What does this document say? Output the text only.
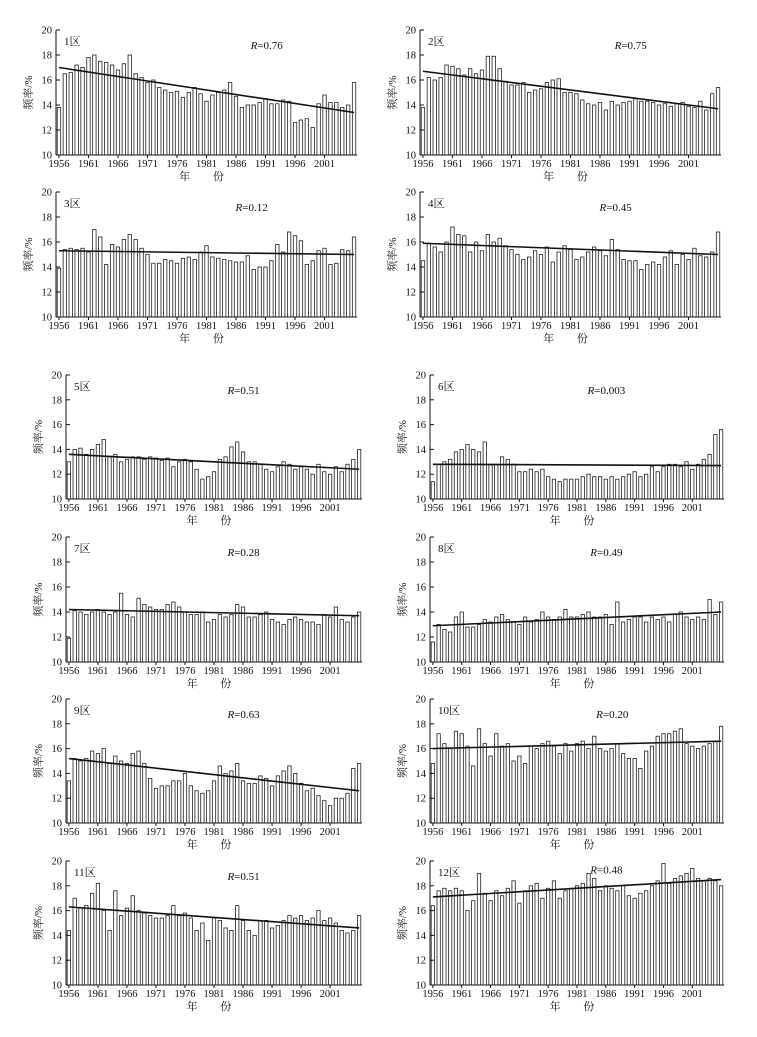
10
12
14
16
18
20
1956 1961 1966 1971 1976 1981 1986 1991 1996 2001
年 份
频率/%
1区	R=0.76
10
12
14
16
18
20
1956 1961 1966 1971 1976 1981 1986 1991 1996 2001
年 份
频率/%
2区	R=0.75
10
12
14
16
18
20
1956 1961 1966 1971 1976 1981 1986 1991 1996 2001
年 份
频率/%
3区	R=0.12
10
12
14
16
18
20
1956 1961 1966 1971 1976 1981 1986 1991 1996 2001
年 份
频率/%
4区	R=0.45
10
12
14
16
18
20
1956 1961 1966 1971 1976 1981 1986 1991 1996 2001
年 份
频率/%
5区	R=0.51
10
12
14
16
18
20
1956 1961 1966 1971 1976 1981 1986 1991 1996 2001
年 份
频率/%
6区	R=0.003
10
12
14
16
18
20
1956 1961 1966 1971 1976 1981 1986 1991 1996 2001
年 份
频率/%
7区	R=0.28
10
12
14
16
18
20
1956 1961 1966 1971 1976 1981 1986 1991 1996 2001
年 份
频率/%
8区	R=0.49
10
12
14
16
18
20
1956 1961 1966 1971 1976 1981 1986 1991 1996 2001
年 份
频率/%
9区	R=0.63
10
12
14
16
18
20
1956 1961 1966 1971 1976 1981 1986 1991 1996 2001
年 份
频率/%
10区	R=0.20
10
12
14
16
18
20
1956 1961 1966 1971 1976 1981 1986 1991 1996 2001
年 份
频率/%
11区	R=0.51
10
12
14
16
18
20
1956 1961 1966 1971 1976 1981 1986 1991 1996 2001
年 份
频率/%
12区	R=0.48
